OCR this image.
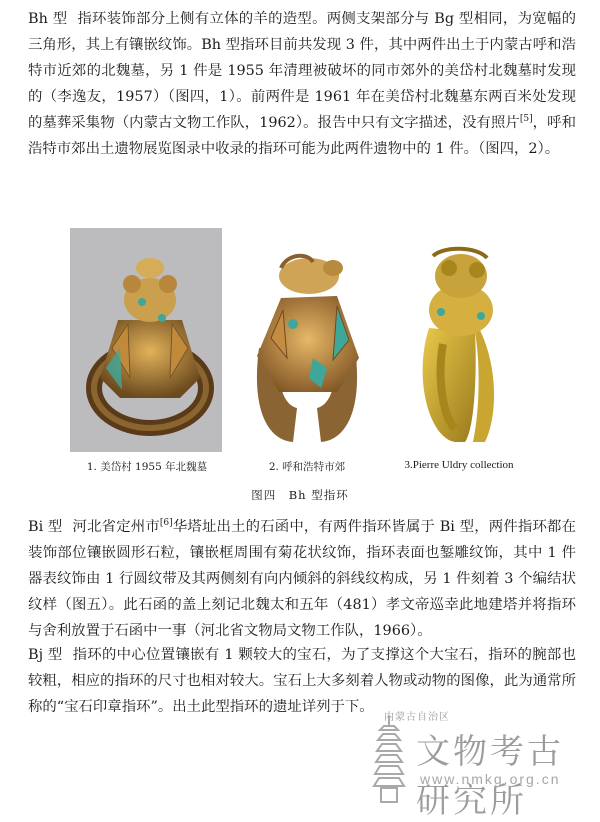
Bh 型 指环装饰部分上侧有立体的羊的造型。两侧支架部分与 Bg 型相同，为宽幅的三角形，其上有镶嵌纹饰。Bh 型指环目前共发现 3 件，其中两件出土于内蒙古呼和浩特市近郊的北魏墓，另 1 件是 1955 年清理被破坏的同市郊外的美岱村北魏墓时发现的（李逸友，1957）（图四，1）。前两件是 1961 年在美岱村北魏墓东两百米处发现的墓葬采集物（内蒙古文物工作队，1962）。报告中只有文字描述，没有照片[5]，呼和浩特市郊出土遗物展览图录中收录的指环可能为此两件遗物中的 1 件。（图四，2）。

1. 美岱村 1955 年北魏墓	2. 呼和浩特市郊	3.Pierre Uldry collection
图四　Bh 型指环

Bi 型 河北省定州市[6]华塔址出土的石函中，有两件指环皆属于 Bi 型，两件指环都在装饰部位镶嵌圆形石粒，镶嵌框周围有菊花状纹饰，指环表面也錾雕纹饰，其中 1 件器表纹饰由 1 行圆纹带及其两侧刻有向内倾斜的斜线纹构成，另 1 件刻着 3 个编结状纹样（图五）。此石函的盖上刻记北魏太和五年（481）孝文帝巡幸此地建塔并将指环与舍利放置于石函中一事（河北省文物局文物工作队，1966）。

Bj 型 指环的中心位置镶嵌有 1 颗较大的宝石，为了支撑这个大宝石，指环的腕部也较粗，相应的指环的尺寸也相对较大。宝石上大多刻着人物或动物的图像，此为通常所称的“宝石印章指环”。出土此型指环的遗址详列于下。

内蒙古自治区
文物考古研究所
www.nmkg.org.cn
